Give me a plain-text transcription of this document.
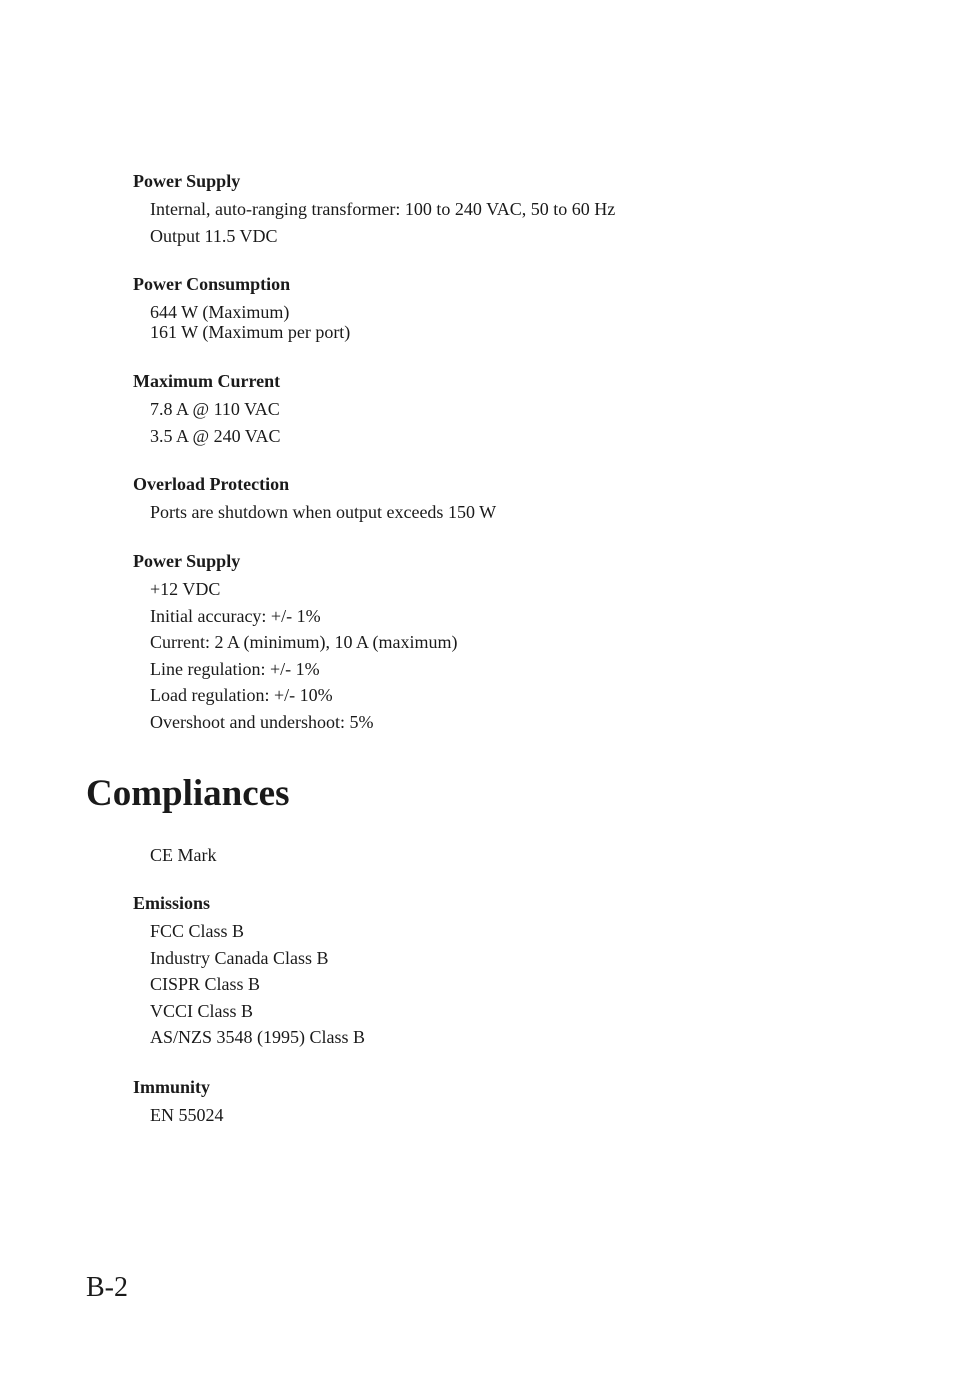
Power Supply

Internal, auto-ranging transformer: 100 to 240 VAC, 50 to 60 Hz
Output 11.5 VDC

Power Consumption

644 W (Maximum)
161 W (Maximum per port)

Maximum Current

7.8 A @ 110 VAC
3.5 A @ 240 VAC

Overload Protection

Ports are shutdown when output exceeds 150 W

Power Supply

+12 VDC
Initial accuracy: +/- 1%
Current: 2 A (minimum), 10 A (maximum)
Line regulation: +/- 1%
Load regulation: +/- 10%
Overshoot and undershoot: 5%
Compliances
CE Mark

Emissions

FCC Class B
Industry Canada Class B
CISPR Class B
VCCI Class B
AS/NZS 3548 (1995) Class B

Immunity

EN 55024
B-2
